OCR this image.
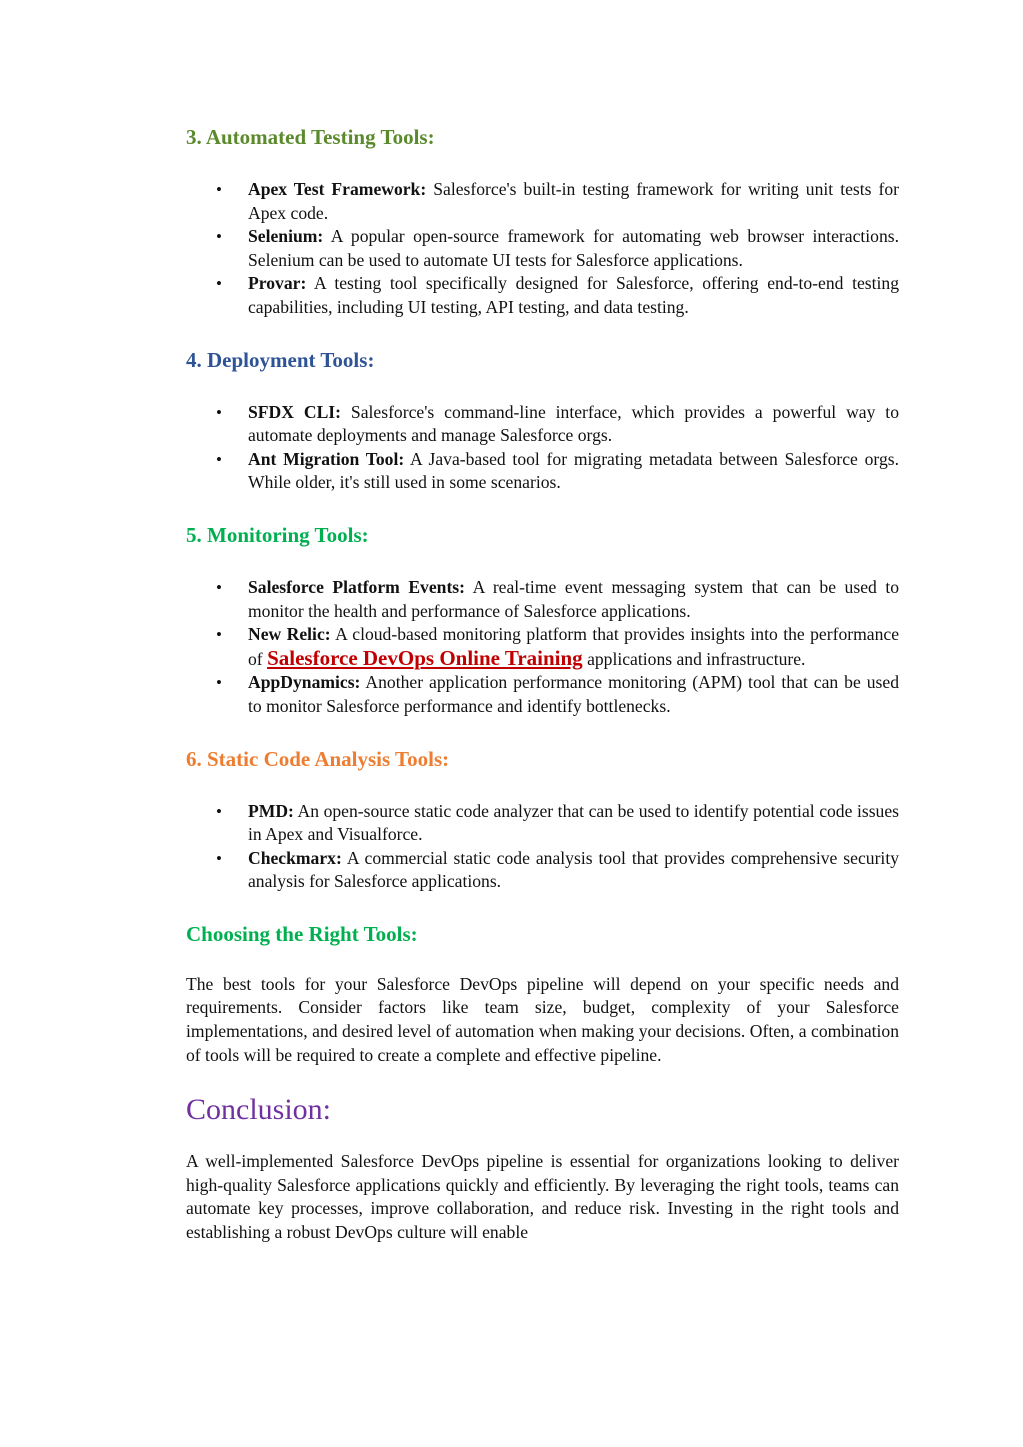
3. Automated Testing Tools:
• Apex Test Framework: Salesforce's built-in testing framework for writing unit tests for Apex code.
• Selenium: A popular open-source framework for automating web browser interactions. Selenium can be used to automate UI tests for Salesforce applications.
• Provar: A testing tool specifically designed for Salesforce, offering end-to-end testing capabilities, including UI testing, API testing, and data testing.
4. Deployment Tools:
• SFDX CLI: Salesforce's command-line interface, which provides a powerful way to automate deployments and manage Salesforce orgs.
• Ant Migration Tool: A Java-based tool for migrating metadata between Salesforce orgs. While older, it's still used in some scenarios.
5. Monitoring Tools:
• Salesforce Platform Events: A real-time event messaging system that can be used to monitor the health and performance of Salesforce applications.
• New Relic: A cloud-based monitoring platform that provides insights into the performance of Salesforce DevOps Online Training applications and infrastructure.
• AppDynamics: Another application performance monitoring (APM) tool that can be used to monitor Salesforce performance and identify bottlenecks.
6. Static Code Analysis Tools:
• PMD: An open-source static code analyzer that can be used to identify potential code issues in Apex and Visualforce.
• Checkmarx: A commercial static code analysis tool that provides comprehensive security analysis for Salesforce applications.
Choosing the Right Tools:

The best tools for your Salesforce DevOps pipeline will depend on your specific needs and requirements. Consider factors like team size, budget, complexity of your Salesforce implementations, and desired level of automation when making your decisions. Often, a combination of tools will be required to create a complete and effective pipeline.

Conclusion:

A well-implemented Salesforce DevOps pipeline is essential for organizations looking to deliver high-quality Salesforce applications quickly and efficiently. By leveraging the right tools, teams can automate key processes, improve collaboration, and reduce risk. Investing in the right tools and establishing a robust DevOps culture will enable
